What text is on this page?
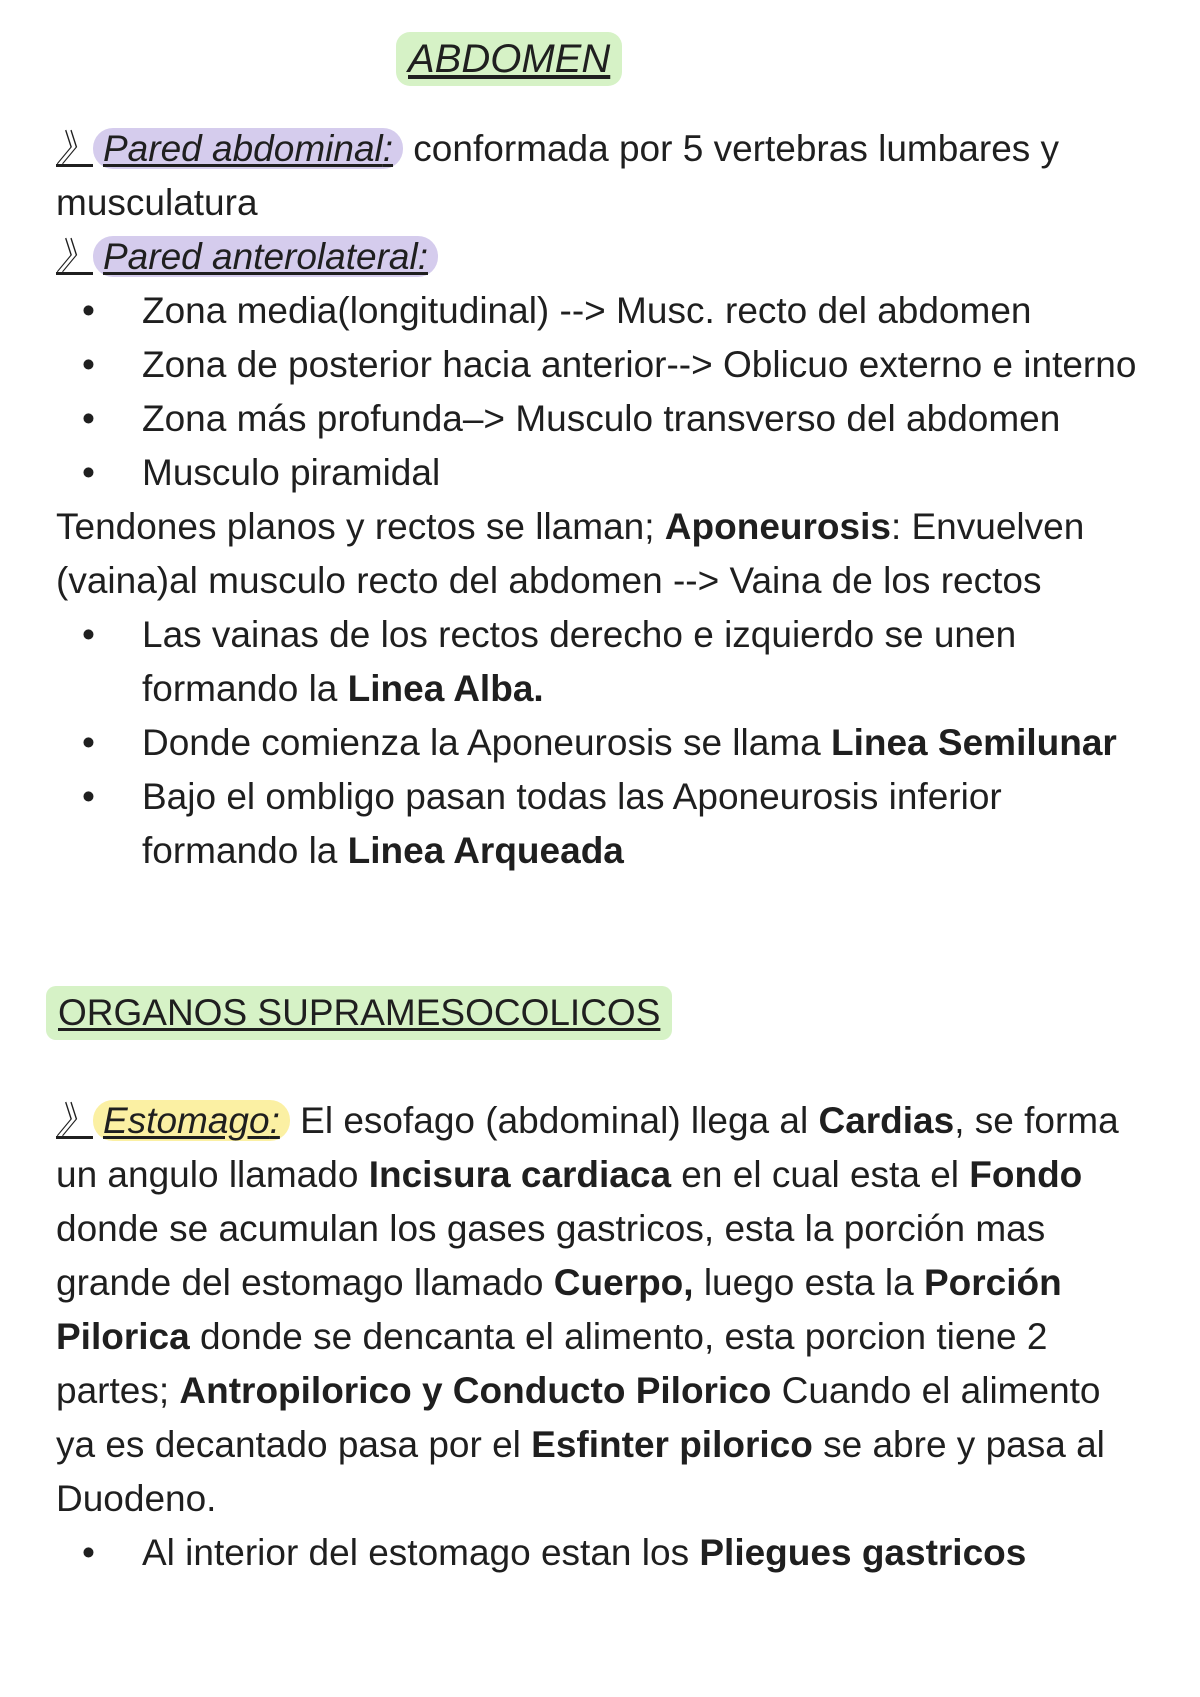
ABDOMEN

》 Pared abdominal: conformada por 5 vertebras lumbares y musculatura

》 Pared anterolateral:

• Zona media(longitudinal) --> Musc. recto del abdomen
• Zona de posterior hacia anterior--> Oblicuo externo e interno
• Zona más profunda–> Musculo transverso del abdomen
• Musculo piramidal

Tendones planos y rectos se llaman; Aponeurosis: Envuelven (vaina)al musculo recto del abdomen --> Vaina de los rectos

• Las vainas de los rectos derecho e izquierdo se unen formando la Linea Alba.
• Donde comienza la Aponeurosis se llama Linea Semilunar
• Bajo el ombligo pasan todas las Aponeurosis inferior formando la Linea Arqueada
ORGANOS SUPRAMESOCOLICOS

》 Estomago: El esofago (abdominal) llega al Cardias, se forma un angulo llamado Incisura cardiaca en el cual esta el Fondo donde se acumulan los gases gastricos, esta la porción mas grande del estomago llamado Cuerpo, luego esta la Porción Pilorica donde se dencanta el alimento, esta porcion tiene 2 partes; Antropilorico y Conducto Pilorico Cuando el alimento ya es decantado pasa por el Esfinter pilorico se abre y pasa al Duodeno.

• Al interior del estomago estan los Pliegues gastricos
